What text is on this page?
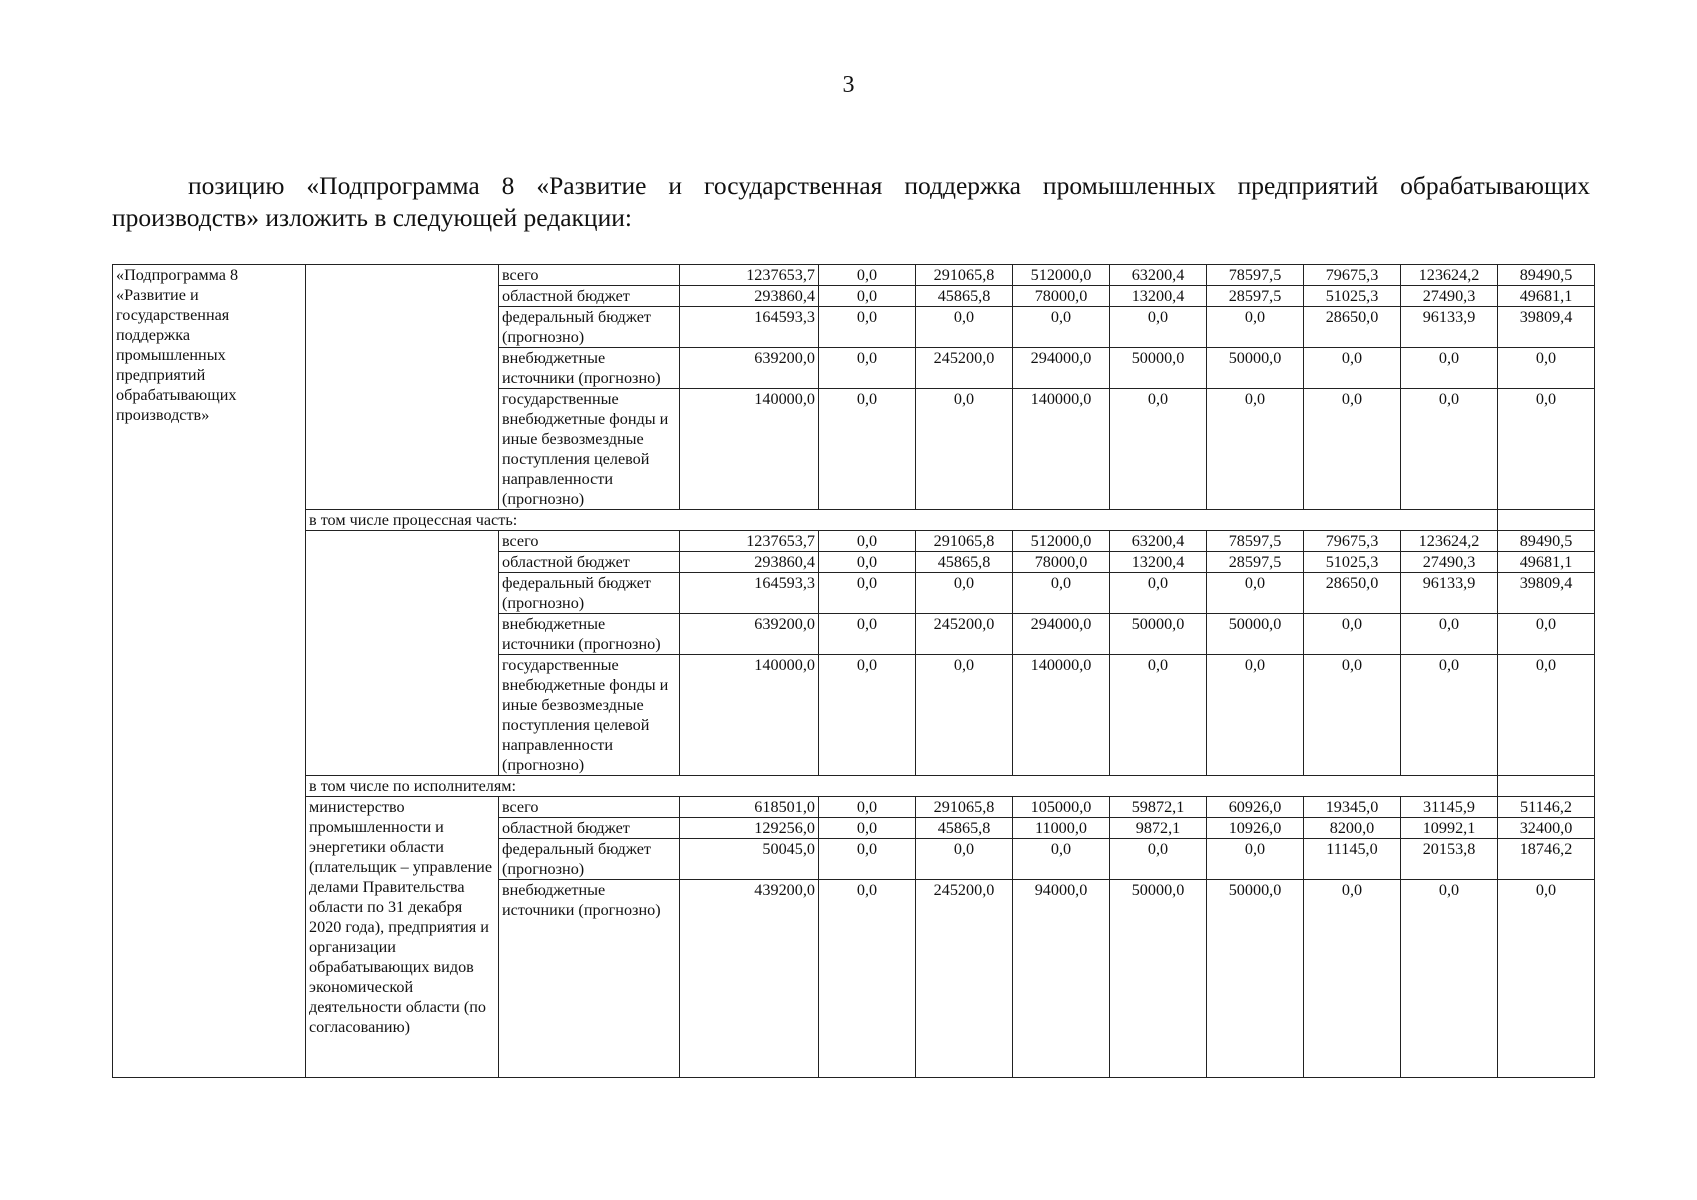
3
позицию «Подпрограмма 8 «Развитие и государственная поддержка промышленных предприятий обрабатывающих производств» изложить в следующей редакции:
«Подпрограмма 8 «Развитие и государственная поддержка промышленных предприятий обрабатывающих производств»		всего	1237653,7	0,0	291065,8	512000,0	63200,4	78597,5	79675,3	123624,2	89490,5
		областной бюджет	293860,4	0,0	45865,8	78000,0	13200,4	28597,5	51025,3	27490,3	49681,1
		федеральный бюджет (прогнозно)	164593,3	0,0	0,0	0,0	0,0	0,0	28650,0	96133,9	39809,4
		внебюджетные источники (прогнозно)	639200,0	0,0	245200,0	294000,0	50000,0	50000,0	0,0	0,0	0,0
		государственные внебюджетные фонды и иные безвозмездные поступления целевой направленности (прогнозно)	140000,0	0,0	0,0	140000,0	0,0	0,0	0,0	0,0	0,0
	в том числе процессная часть:										
		всего	1237653,7	0,0	291065,8	512000,0	63200,4	78597,5	79675,3	123624,2	89490,5
		областной бюджет	293860,4	0,0	45865,8	78000,0	13200,4	28597,5	51025,3	27490,3	49681,1
		федеральный бюджет (прогнозно)	164593,3	0,0	0,0	0,0	0,0	0,0	28650,0	96133,9	39809,4
		внебюджетные источники (прогнозно)	639200,0	0,0	245200,0	294000,0	50000,0	50000,0	0,0	0,0	0,0
		государственные внебюджетные фонды и иные безвозмездные поступления целевой направленности (прогнозно)	140000,0	0,0	0,0	140000,0	0,0	0,0	0,0	0,0	0,0
	в том числе по исполнителям:										
	министерство промышленности и энергетики области (плательщик – управление делами Правительства области по 31 декабря 2020 года), предприятия и организации обрабатывающих видов экономической деятельности области (по согласованию)	всего	618501,0	0,0	291065,8	105000,0	59872,1	60926,0	19345,0	31145,9	51146,2
		областной бюджет	129256,0	0,0	45865,8	11000,0	9872,1	10926,0	8200,0	10992,1	32400,0
		федеральный бюджет (прогнозно)	50045,0	0,0	0,0	0,0	0,0	0,0	11145,0	20153,8	18746,2
		внебюджетные источники (прогнозно)	439200,0	0,0	245200,0	94000,0	50000,0	50000,0	0,0	0,0	0,0
